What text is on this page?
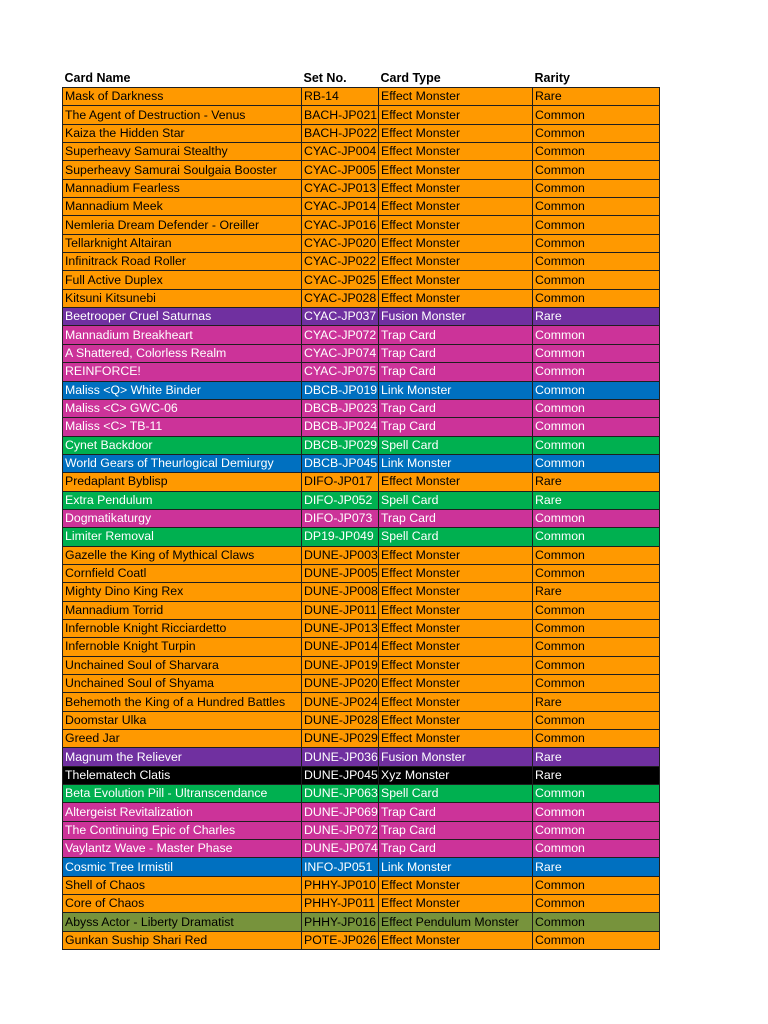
Card Name	Set No.	Card Type	Rarity
Mask of Darkness	RB-14	Effect Monster	Rare
The Agent of Destruction - Venus	BACH-JP021	Effect Monster	Common
Kaiza the Hidden Star	BACH-JP022	Effect Monster	Common
Superheavy Samurai Stealthy	CYAC-JP004	Effect Monster	Common
Superheavy Samurai Soulgaia Booster	CYAC-JP005	Effect Monster	Common
Mannadium Fearless	CYAC-JP013	Effect Monster	Common
Mannadium Meek	CYAC-JP014	Effect Monster	Common
Nemleria Dream Defender - Oreiller	CYAC-JP016	Effect Monster	Common
Tellarknight Altairan	CYAC-JP020	Effect Monster	Common
Infinitrack Road Roller	CYAC-JP022	Effect Monster	Common
Full Active Duplex	CYAC-JP025	Effect Monster	Common
Kitsuni Kitsunebi	CYAC-JP028	Effect Monster	Common
Beetrooper Cruel Saturnas	CYAC-JP037	Fusion Monster	Rare
Mannadium Breakheart	CYAC-JP072	Trap Card	Common
A Shattered, Colorless Realm	CYAC-JP074	Trap Card	Common
REINFORCE!	CYAC-JP075	Trap Card	Common
Maliss <Q> White Binder	DBCB-JP019	Link Monster	Common
Maliss <C> GWC-06	DBCB-JP023	Trap Card	Common
Maliss <C> TB-11	DBCB-JP024	Trap Card	Common
Cynet Backdoor	DBCB-JP029	Spell Card	Common
World Gears of Theurlogical Demiurgy	DBCB-JP045	Link Monster	Common
Predaplant Byblisp	DIFO-JP017	Effect Monster	Rare
Extra Pendulum	DIFO-JP052	Spell Card	Rare
Dogmatikaturgy	DIFO-JP073	Trap Card	Common
Limiter Removal	DP19-JP049	Spell Card	Common
Gazelle the King of Mythical Claws	DUNE-JP003	Effect Monster	Common
Cornfield Coatl	DUNE-JP005	Effect Monster	Common
Mighty Dino King Rex	DUNE-JP008	Effect Monster	Rare
Mannadium Torrid	DUNE-JP011	Effect Monster	Common
Infernoble Knight Ricciardetto	DUNE-JP013	Effect Monster	Common
Infernoble Knight Turpin	DUNE-JP014	Effect Monster	Common
Unchained Soul of Sharvara	DUNE-JP019	Effect Monster	Common
Unchained Soul of Shyama	DUNE-JP020	Effect Monster	Common
Behemoth the King of a Hundred Battles	DUNE-JP024	Effect Monster	Rare
Doomstar Ulka	DUNE-JP028	Effect Monster	Common
Greed Jar	DUNE-JP029	Effect Monster	Common
Magnum the Reliever	DUNE-JP036	Fusion Monster	Rare
Thelematech Clatis	DUNE-JP045	Xyz Monster	Rare
Beta Evolution Pill - Ultranscendance	DUNE-JP063	Spell Card	Common
Altergeist Revitalization	DUNE-JP069	Trap Card	Common
The Continuing Epic of Charles	DUNE-JP072	Trap Card	Common
Vaylantz Wave - Master Phase	DUNE-JP074	Trap Card	Common
Cosmic Tree Irmistil	INFO-JP051	Link Monster	Rare
Shell of Chaos	PHHY-JP010	Effect Monster	Common
Core of Chaos	PHHY-JP011	Effect Monster	Common
Abyss Actor - Liberty Dramatist	PHHY-JP016	Effect Pendulum Monster	Common
Gunkan Suship Shari Red	POTE-JP026	Effect Monster	Common
